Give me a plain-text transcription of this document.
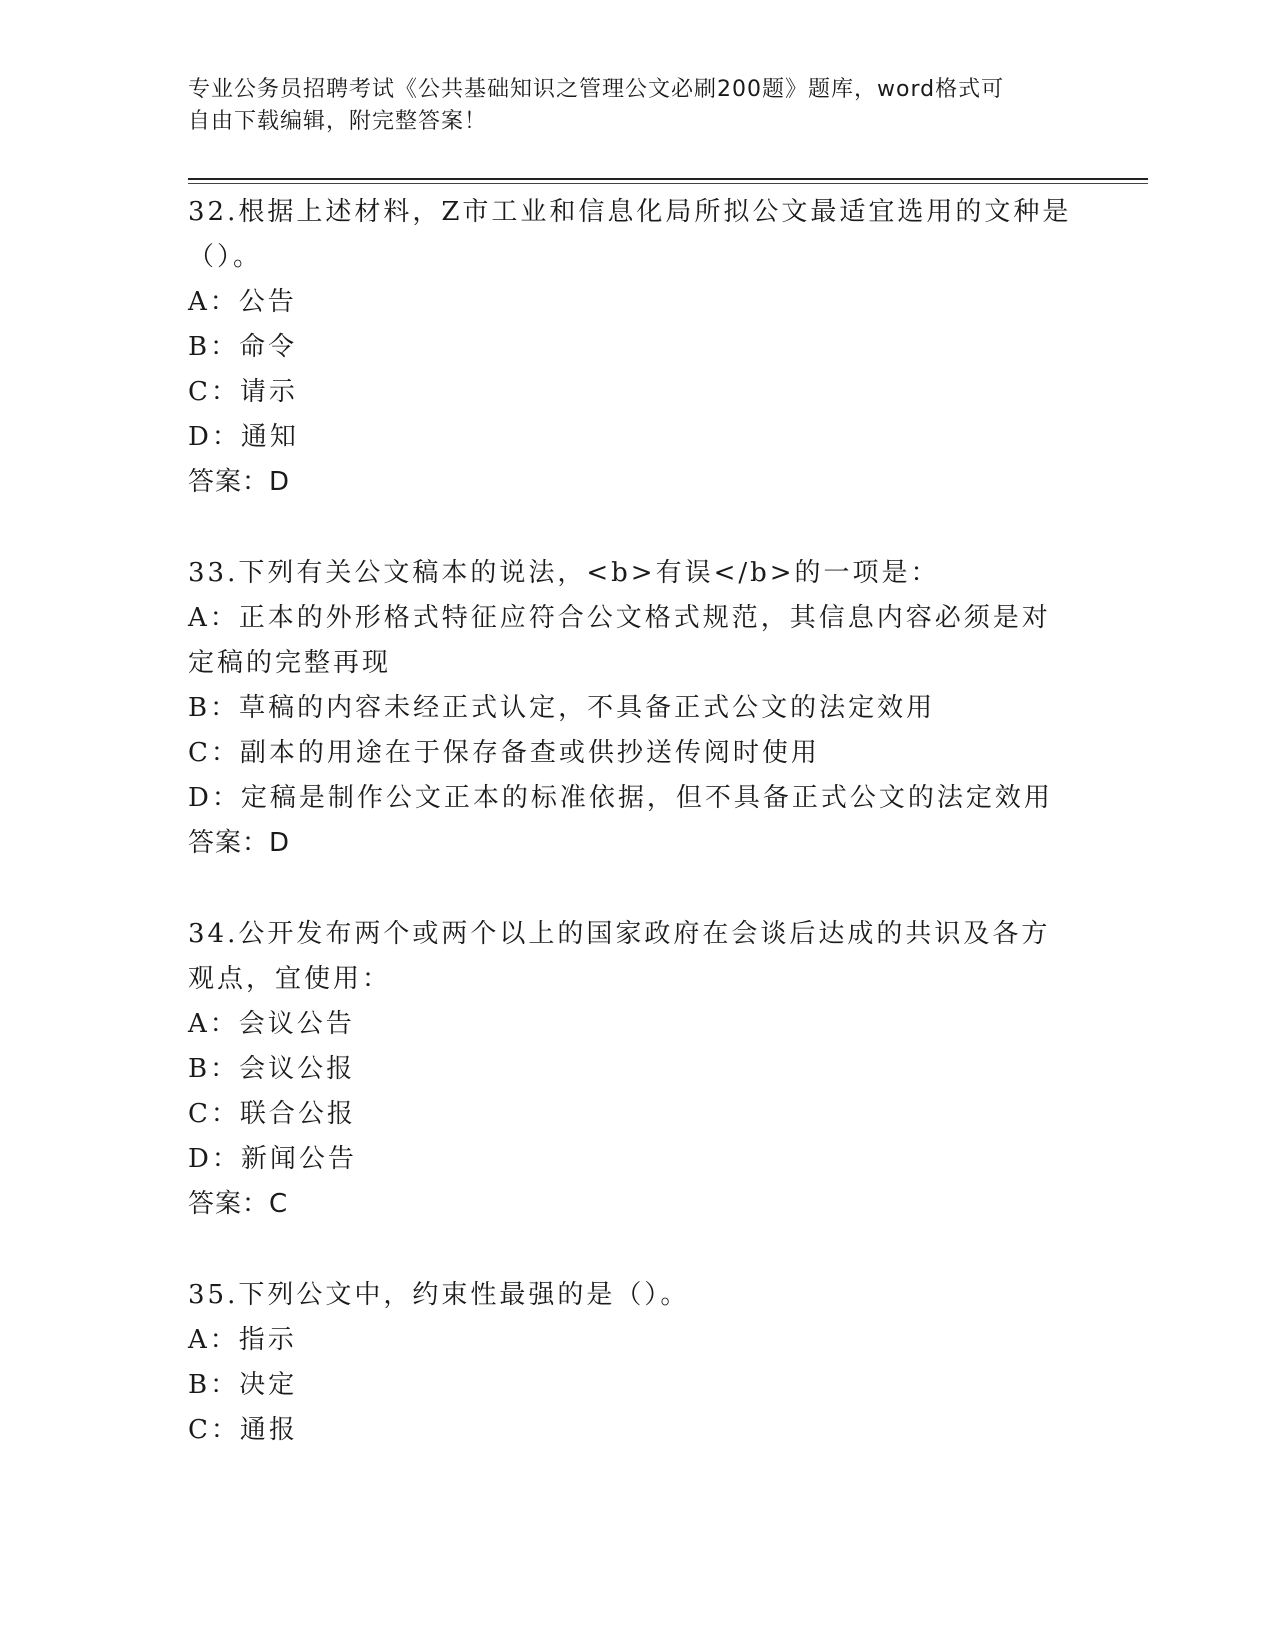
专业公务员招聘考试《公共基础知识之管理公文必刷200题》题库，word格式可
自由下载编辑，附完整答案！

32.根据上述材料，Z市工业和信息化局所拟公文最适宜选用的文种是（）。

A：公告

B：命令

C：请示

D：通知

答案：D

33.下列有关公文稿本的说法，<b>有误</b>的一项是：

A：正本的外形格式特征应符合公文格式规范，其信息内容必须是对定稿的完整再现

B：草稿的内容未经正式认定，不具备正式公文的法定效用

C：副本的用途在于保存备查或供抄送传阅时使用

D：定稿是制作公文正本的标准依据，但不具备正式公文的法定效用

答案：D

34.公开发布两个或两个以上的国家政府在会谈后达成的共识及各方观点，宜使用：

A：会议公告

B：会议公报

C：联合公报

D：新闻公告

答案：C

35.下列公文中，约束性最强的是（）。

A：指示

B：决定

C：通报
